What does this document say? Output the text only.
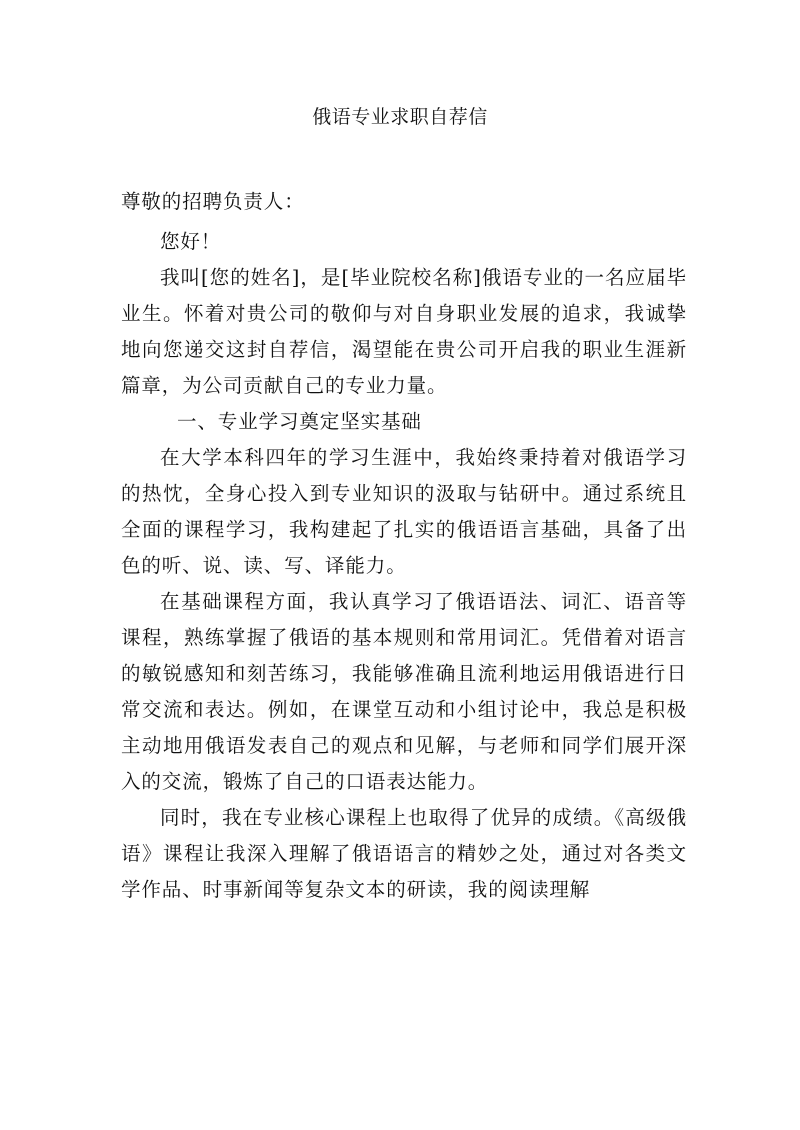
俄语专业求职自荐信

尊敬的招聘负责人：

您好！

我叫[您的姓名]，是[毕业院校名称]俄语专业的一名应届毕业生。怀着对贵公司的敬仰与对自身职业发展的追求，我诚挚地向您递交这封自荐信，渴望能在贵公司开启我的职业生涯新篇章，为公司贡献自己的专业力量。

一、专业学习奠定坚实基础

在大学本科四年的学习生涯中，我始终秉持着对俄语学习的热忱，全身心投入到专业知识的汲取与钻研中。通过系统且全面的课程学习，我构建起了扎实的俄语语言基础，具备了出色的听、说、读、写、译能力。

在基础课程方面，我认真学习了俄语语法、词汇、语音等课程，熟练掌握了俄语的基本规则和常用词汇。凭借着对语言的敏锐感知和刻苦练习，我能够准确且流利地运用俄语进行日常交流和表达。例如，在课堂互动和小组讨论中，我总是积极主动地用俄语发表自己的观点和见解，与老师和同学们展开深入的交流，锻炼了自己的口语表达能力。

同时，我在专业核心课程上也取得了优异的成绩。《高级俄语》课程让我深入理解了俄语语言的精妙之处，通过对各类文学作品、时事新闻等复杂文本的研读，我的阅读理解
